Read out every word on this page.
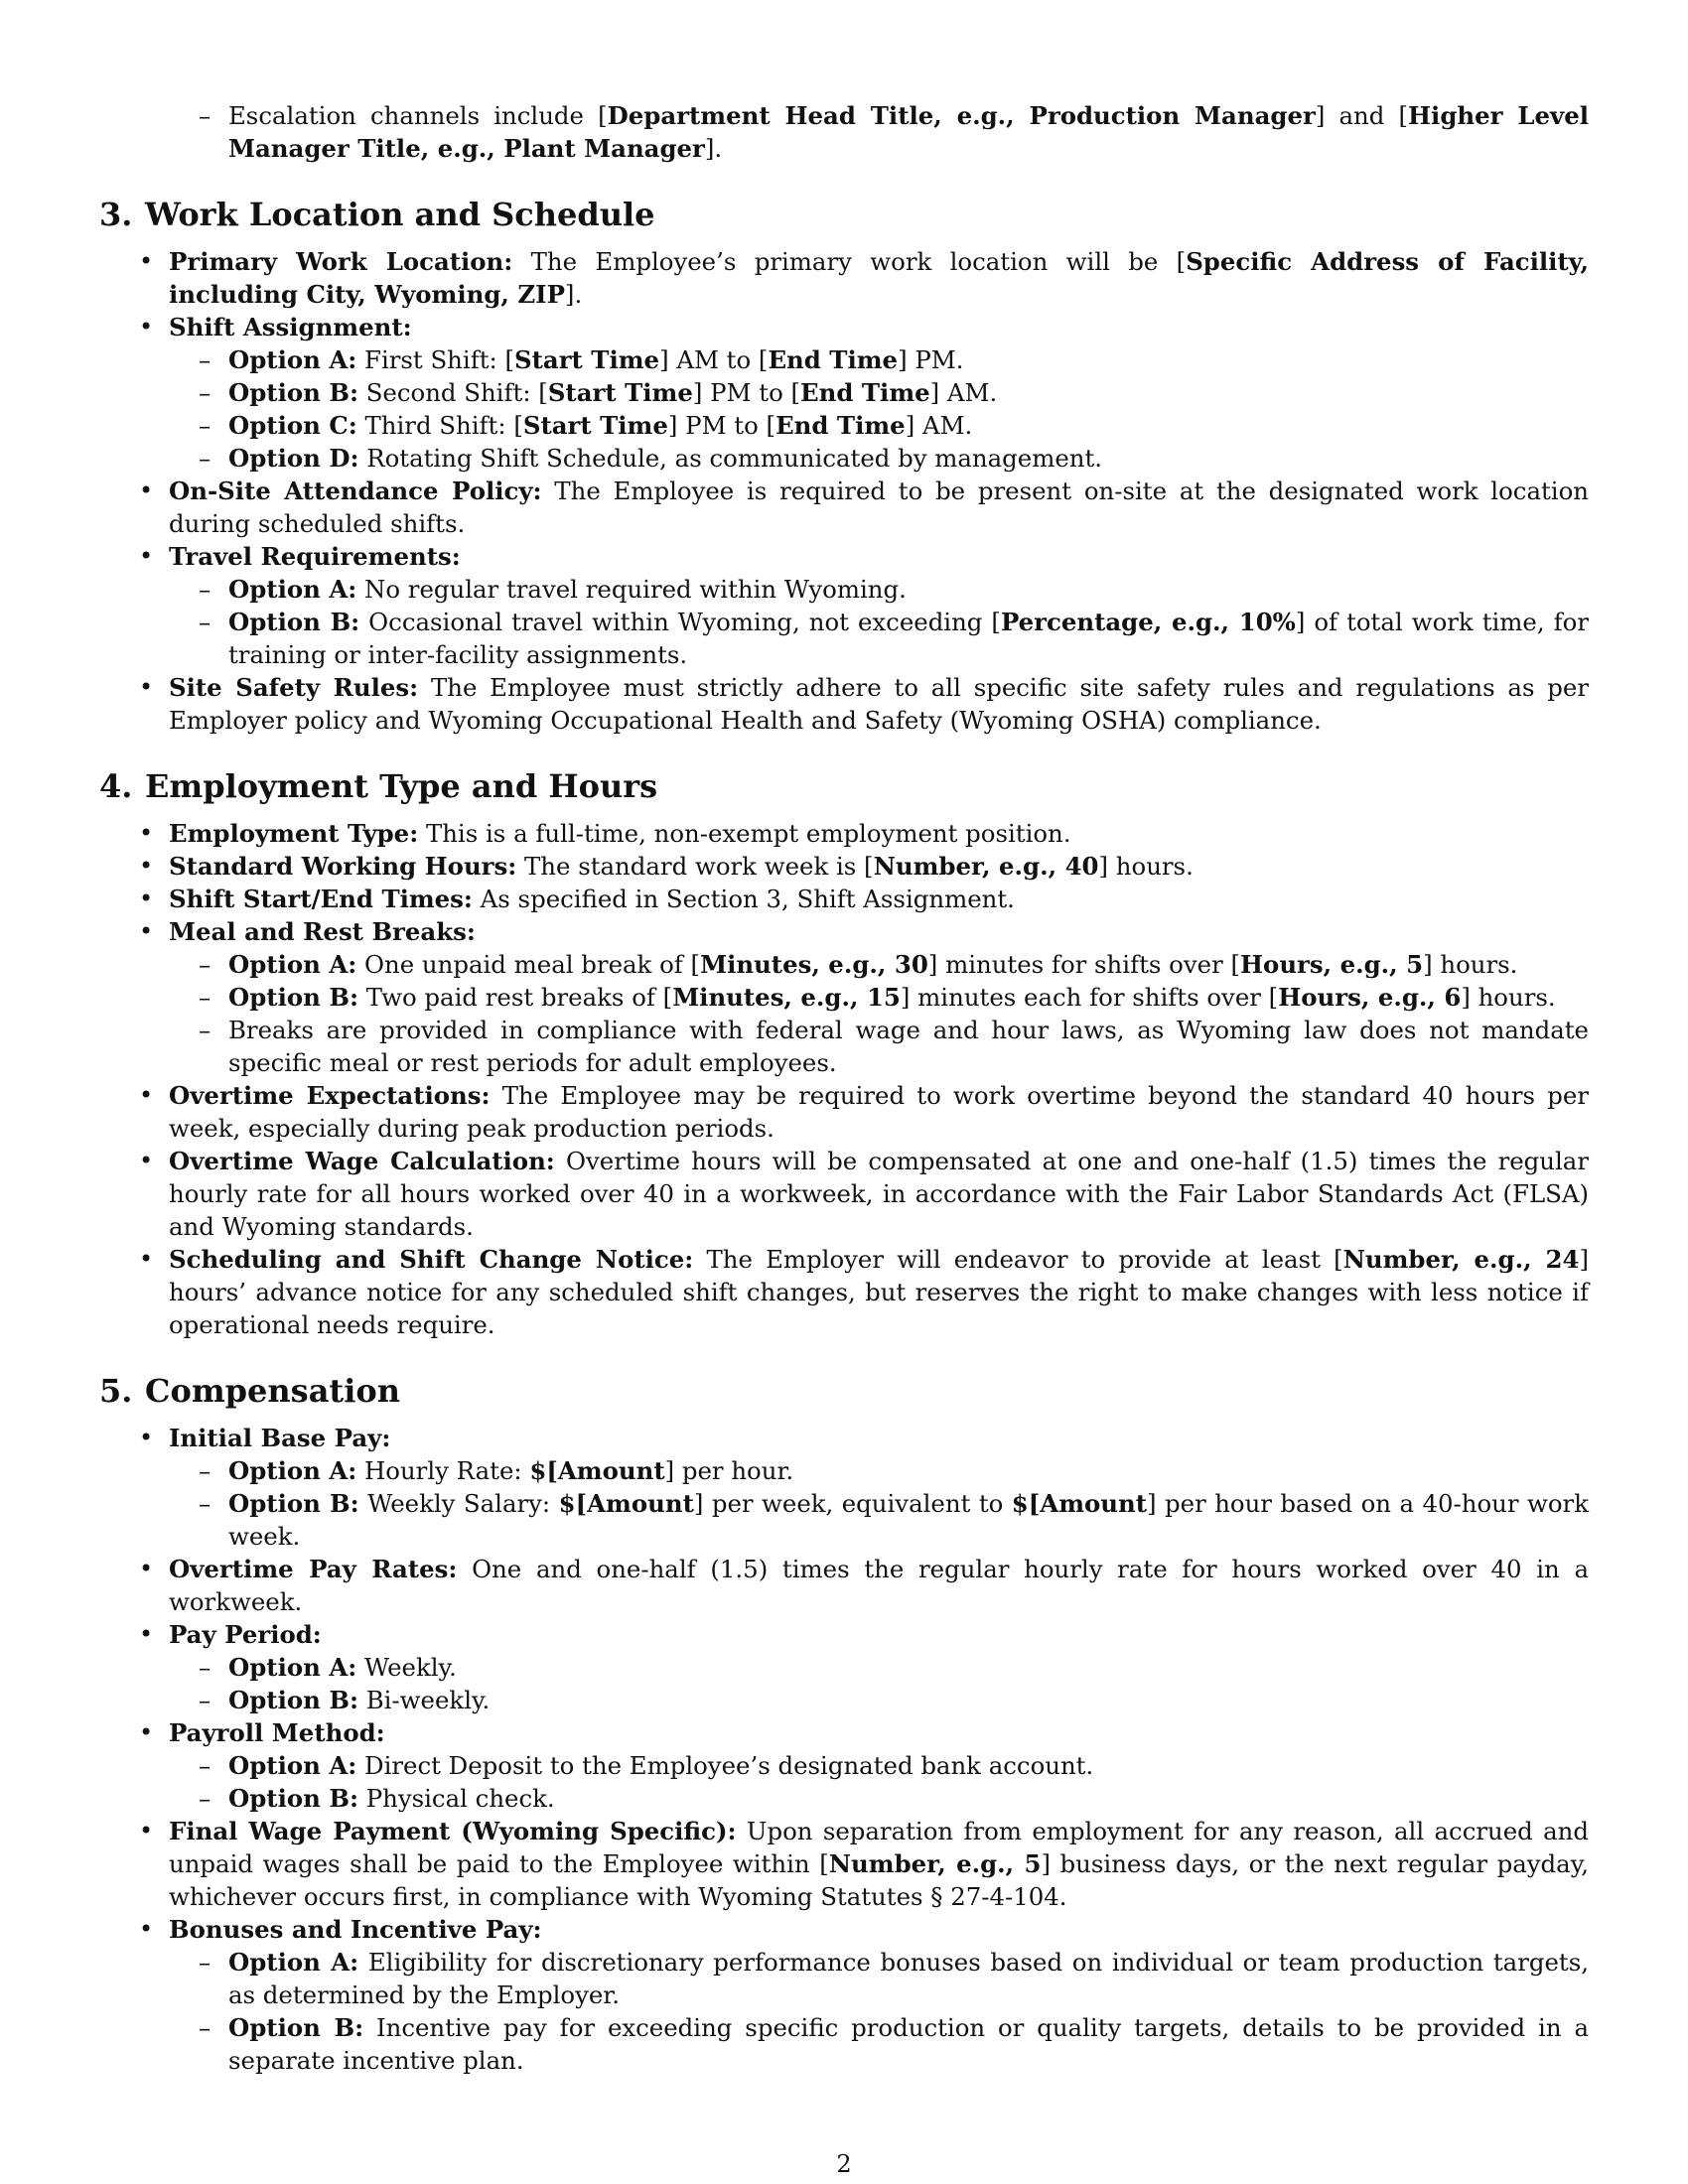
– Escalation channels include [Department Head Title, e.g., Production Manager] and [Higher Level Manager Title, e.g., Plant Manager].
3. Work Location and Schedule
• Primary Work Location: The Employee’s primary work location will be [Specific Address of Facility, including City, Wyoming, ZIP].
• Shift Assignment:
– Option A: First Shift: [Start Time] AM to [End Time] PM.
– Option B: Second Shift: [Start Time] PM to [End Time] AM.
– Option C: Third Shift: [Start Time] PM to [End Time] AM.
– Option D: Rotating Shift Schedule, as communicated by management.
• On-Site Attendance Policy: The Employee is required to be present on-site at the designated work location during scheduled shifts.
• Travel Requirements:
– Option A: No regular travel required within Wyoming.
– Option B: Occasional travel within Wyoming, not exceeding [Percentage, e.g., 10%] of total work time, for training or inter-facility assignments.
• Site Safety Rules: The Employee must strictly adhere to all specific site safety rules and regulations as per Employer policy and Wyoming Occupational Health and Safety (Wyoming OSHA) compliance.
4. Employment Type and Hours
• Employment Type: This is a full-time, non-exempt employment position.
• Standard Working Hours: The standard work week is [Number, e.g., 40] hours.
• Shift Start/End Times: As specified in Section 3, Shift Assignment.
• Meal and Rest Breaks:
– Option A: One unpaid meal break of [Minutes, e.g., 30] minutes for shifts over [Hours, e.g., 5] hours.
– Option B: Two paid rest breaks of [Minutes, e.g., 15] minutes each for shifts over [Hours, e.g., 6] hours.
– Breaks are provided in compliance with federal wage and hour laws, as Wyoming law does not mandate specific meal or rest periods for adult employees.
• Overtime Expectations: The Employee may be required to work overtime beyond the standard 40 hours per week, especially during peak production periods.
• Overtime Wage Calculation: Overtime hours will be compensated at one and one-half (1.5) times the regular hourly rate for all hours worked over 40 in a workweek, in accordance with the Fair Labor Standards Act (FLSA) and Wyoming standards.
• Scheduling and Shift Change Notice: The Employer will endeavor to provide at least [Number, e.g., 24] hours’ advance notice for any scheduled shift changes, but reserves the right to make changes with less notice if operational needs require.
5. Compensation
• Initial Base Pay:
– Option A: Hourly Rate: $[Amount] per hour.
– Option B: Weekly Salary: $[Amount] per week, equivalent to $[Amount] per hour based on a 40-hour work week.
• Overtime Pay Rates: One and one-half (1.5) times the regular hourly rate for hours worked over 40 in a workweek.
• Pay Period:
– Option A: Weekly.
– Option B: Bi-weekly.
• Payroll Method:
– Option A: Direct Deposit to the Employee’s designated bank account.
– Option B: Physical check.
• Final Wage Payment (Wyoming Specific): Upon separation from employment for any reason, all accrued and unpaid wages shall be paid to the Employee within [Number, e.g., 5] business days, or the next regular payday, whichever occurs first, in compliance with Wyoming Statutes § 27-4-104.
• Bonuses and Incentive Pay:
– Option A: Eligibility for discretionary performance bonuses based on individual or team production targets, as determined by the Employer.
– Option B: Incentive pay for exceeding specific production or quality targets, details to be provided in a separate incentive plan.
2
